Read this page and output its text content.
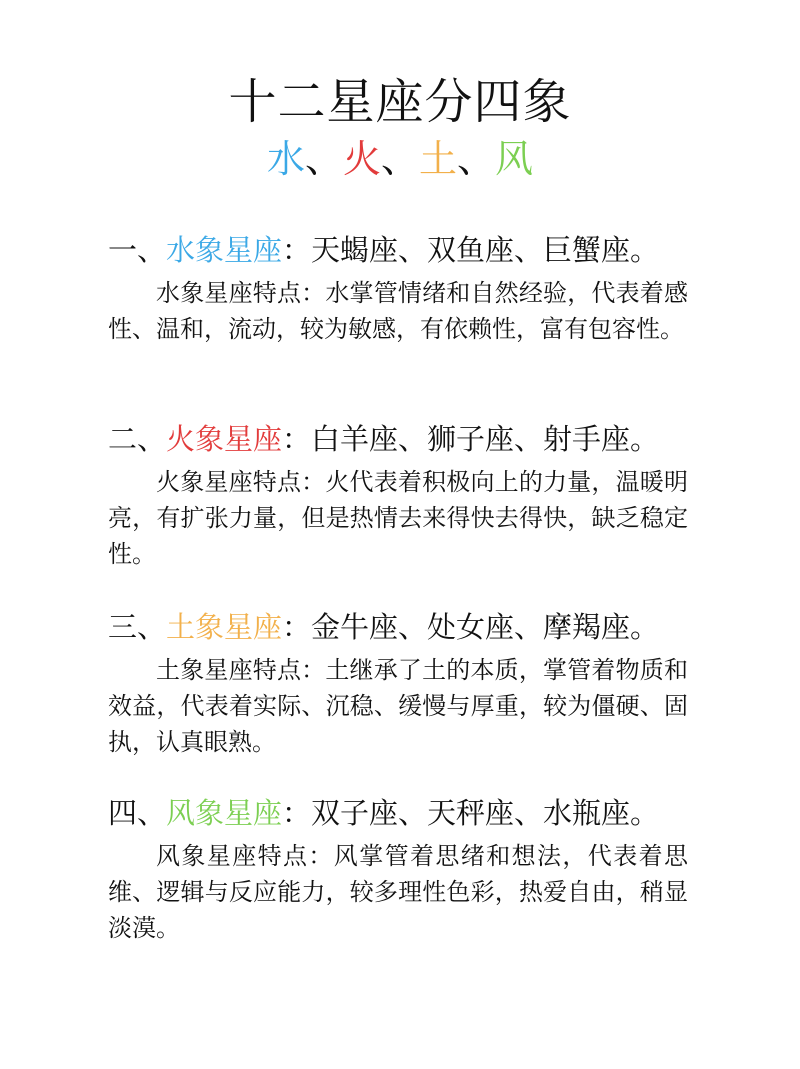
十二星座分四象
水、火、土、风

一、水象星座：天蝎座、双鱼座、巨蟹座。

水象星座特点：水掌管情绪和自然经验，代表着感性、温和，流动，较为敏感，有依赖性，富有包容性。

二、火象星座：白羊座、狮子座、射手座。

火象星座特点：火代表着积极向上的力量，温暖明亮，有扩张力量，但是热情去来得快去得快，缺乏稳定性。

三、土象星座：金牛座、处女座、摩羯座。

土象星座特点：土继承了土的本质，掌管着物质和效益，代表着实际、沉稳、缓慢与厚重，较为僵硬、固执，认真眼熟。

四、风象星座：双子座、天秤座、水瓶座。

风象星座特点：风掌管着思绪和想法，代表着思维、逻辑与反应能力，较多理性色彩，热爱自由，稍显淡漠。
